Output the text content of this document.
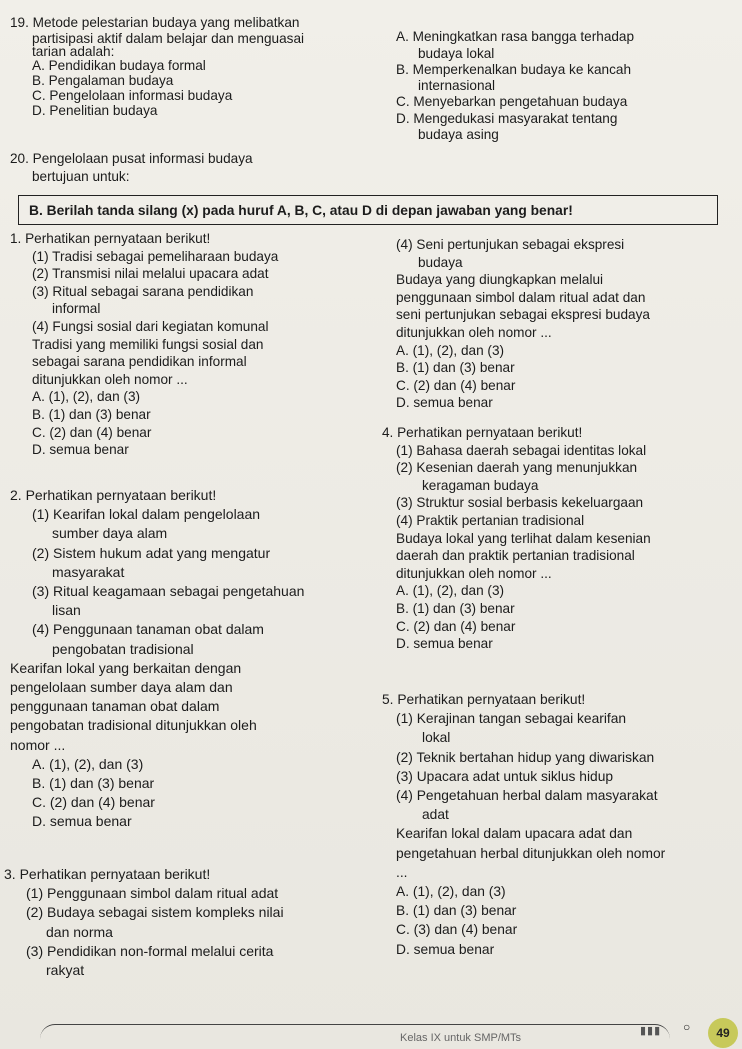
19. Metode pelestarian budaya yang melibatkan
partisipasi aktif dalam belajar dan menguasai
tarian adalah:
A. Pendidikan budaya formal
B. Pengalaman budaya
C. Pengelolaan informasi budaya
D. Penelitian budaya
20. Pengelolaan pusat informasi budaya
bertujuan untuk:
1. Perhatikan pernyataan berikut!
(1) Tradisi sebagai pemeliharaan budaya
(2) Transmisi nilai melalui upacara adat
(3) Ritual sebagai sarana pendidikan
informal
(4) Fungsi sosial dari kegiatan komunal
Tradisi yang memiliki fungsi sosial dan
sebagai sarana pendidikan informal
ditunjukkan oleh nomor ...
A. (1), (2), dan (3)
B. (1) dan (3) benar
C. (2) dan (4) benar
D. semua benar
2. Perhatikan pernyataan berikut!
(1) Kearifan lokal dalam pengelolaan
sumber daya alam
(2) Sistem hukum adat yang mengatur
masyarakat
(3) Ritual keagamaan sebagai pengetahuan
lisan
(4) Penggunaan tanaman obat dalam
pengobatan tradisional
Kearifan lokal yang berkaitan dengan
pengelolaan sumber daya alam dan
penggunaan tanaman obat dalam
pengobatan tradisional ditunjukkan oleh
nomor ...
A. (1), (2), dan (3)
B. (1) dan (3) benar
C. (2) dan (4) benar
D. semua benar
3. Perhatikan pernyataan berikut!
(1) Penggunaan simbol dalam ritual adat
(2) Budaya sebagai sistem kompleks nilai
dan norma
(3) Pendidikan non-formal melalui cerita
rakyat
B. Berilah tanda silang (x) pada huruf A, B, C, atau D di depan jawaban yang benar!
A. Meningkatkan rasa bangga terhadap
budaya lokal
B. Memperkenalkan budaya ke kancah
internasional
C. Menyebarkan pengetahuan budaya
D. Mengedukasi masyarakat tentang
budaya asing
(4) Seni pertunjukan sebagai ekspresi
budaya
Budaya yang diungkapkan melalui
penggunaan simbol dalam ritual adat dan
seni pertunjukan sebagai ekspresi budaya
ditunjukkan oleh nomor ...
A. (1), (2), dan (3)
B. (1) dan (3) benar
C. (2) dan (4) benar
D. semua benar
4. Perhatikan pernyataan berikut!
(1) Bahasa daerah sebagai identitas lokal
(2) Kesenian daerah yang menunjukkan
keragaman budaya
(3) Struktur sosial berbasis kekeluargaan
(4) Praktik pertanian tradisional
Budaya lokal yang terlihat dalam kesenian
daerah dan praktik pertanian tradisional
ditunjukkan oleh nomor ...
A. (1), (2), dan (3)
B. (1) dan (3) benar
C. (2) dan (4) benar
D. semua benar
5. Perhatikan pernyataan berikut!
(1) Kerajinan tangan sebagai kearifan
lokal
(2) Teknik bertahan hidup yang diwariskan
(3) Upacara adat untuk siklus hidup
(4) Pengetahuan herbal dalam masyarakat
adat
Kearifan lokal dalam upacara adat dan
pengetahuan herbal ditunjukkan oleh nomor
...
A. (1), (2), dan (3)
B. (1) dan (3) benar
C. (3) dan (4) benar
D. semua benar
Kelas IX untuk SMP/MTs
▮▮▮ ○	49
